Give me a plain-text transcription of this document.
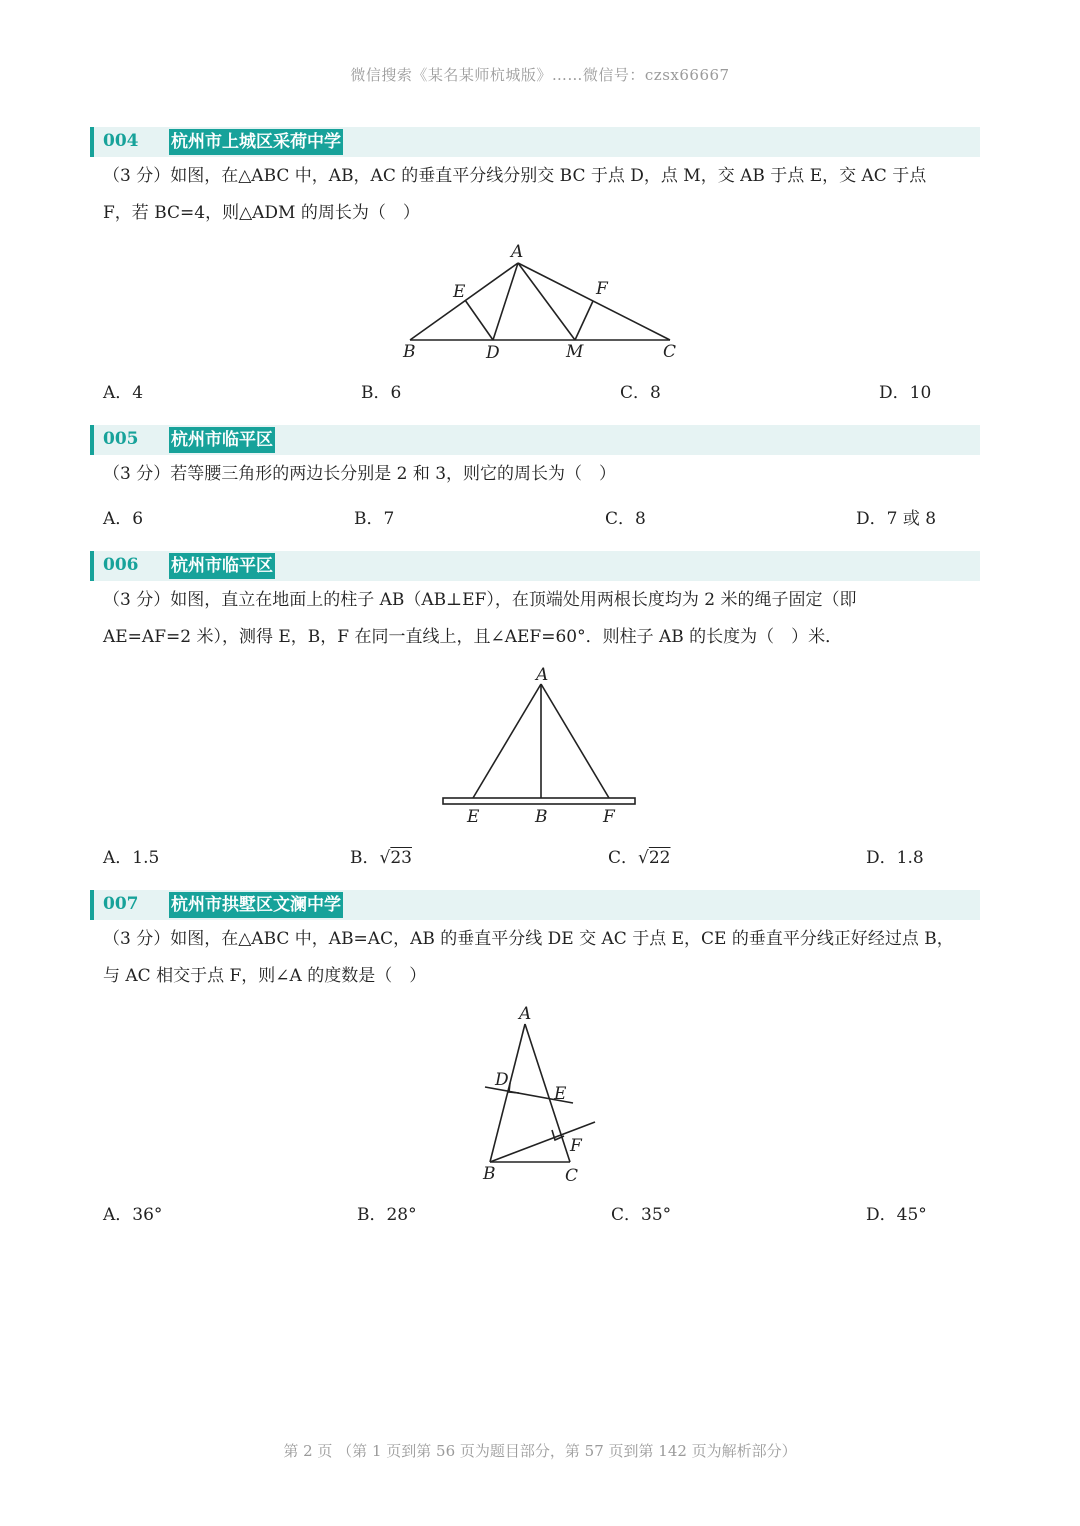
微信搜索《某名某师杭城版》……微信号：czsx66667
004 杭州市上城区采荷中学

（3 分）如图，在△ABC 中，AB，AC 的垂直平分线分别交 BC 于点 D，点 M，交 AB 于点 E，交 AC 于点

F，若 BC=4，则△ADM 的周长为（　）

A
E	F
B	D	M	C
A．4	B．6	C．8	D．10
005 杭州市临平区

（3 分）若等腰三角形的两边长分别是 2 和 3，则它的周长为（　）

A．6	B．7	C．8	D．7 或 8
006 杭州市临平区

（3 分）如图，直立在地面上的柱子 AB（AB⊥EF），在顶端处用两根长度均为 2 米的绳子固定（即

AE=AF=2 米），测得 E，B，F 在同一直线上，且∠AEF=60°．则柱子 AB 的长度为（　）米．

A
E	B	F
A．1.5	B．√23	C．√22	D．1.8
007 杭州市拱墅区文澜中学

（3 分）如图，在△ABC 中，AB=AC，AB 的垂直平分线 DE 交 AC 于点 E，CE 的垂直平分线正好经过点 B，

与 AC 相交于点 F，则∠A 的度数是（　）

A
D
E
F
B	C
A．36°	B．28°	C．35°	D．45°
第 2 页 （第 1 页到第 56 页为题目部分，第 57 页到第 142 页为解析部分）
